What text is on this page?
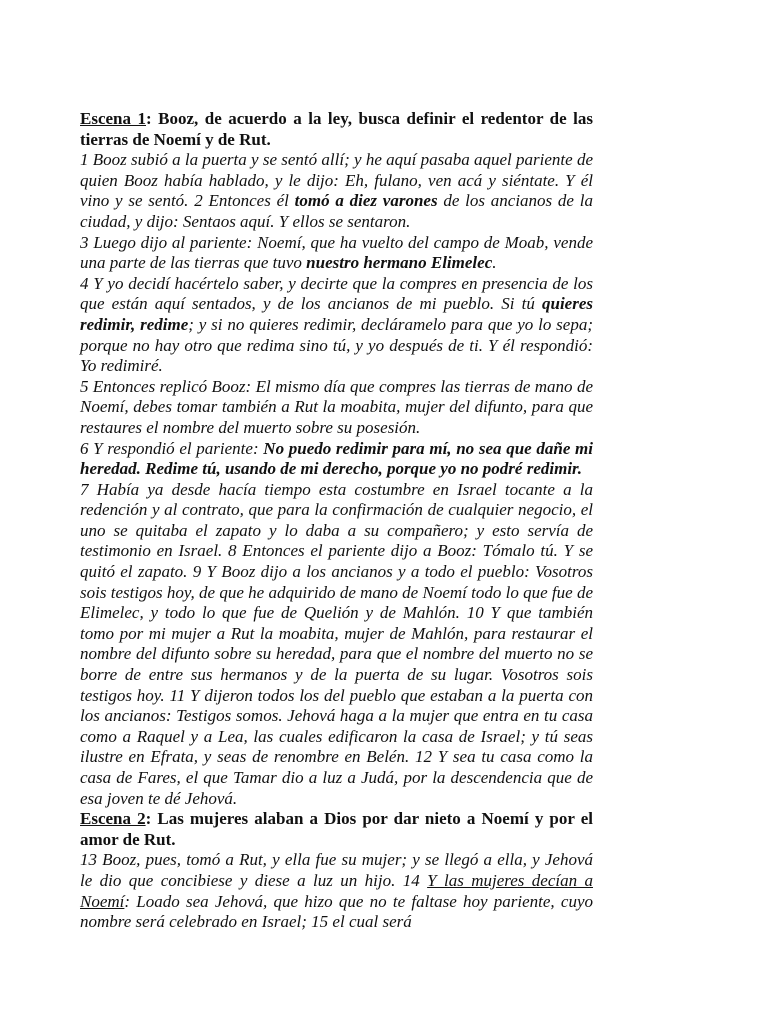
Escena 1: Booz, de acuerdo a la ley, busca definir el redentor de las tierras de Noemí y de Rut.

1 Booz subió a la puerta y se sentó allí; y he aquí pasaba aquel pariente de quien Booz había hablado, y le dijo: Eh, fulano, ven acá y siéntate. Y él vino y se sentó. 2 Entonces él tomó a diez varones de los ancianos de la ciudad, y dijo: Sentaos aquí. Y ellos se sentaron.

3 Luego dijo al pariente: Noemí, que ha vuelto del campo de Moab, vende una parte de las tierras que tuvo nuestro hermano Elimelec.

4 Y yo decidí hacértelo saber, y decirte que la compres en presencia de los que están aquí sentados, y de los ancianos de mi pueblo. Si tú quieres redimir, redime; y si no quieres redimir, decláramelo para que yo lo sepa; porque no hay otro que redima sino tú, y yo después de ti. Y él respondió: Yo redimiré.

5 Entonces replicó Booz: El mismo día que compres las tierras de mano de Noemí, debes tomar también a Rut la moabita, mujer del difunto, para que restaures el nombre del muerto sobre su posesión.

6 Y respondió el pariente: No puedo redimir para mí, no sea que dañe mi heredad. Redime tú, usando de mi derecho, porque yo no podré redimir.

7 Había ya desde hacía tiempo esta costumbre en Israel tocante a la redención y al contrato, que para la confirmación de cualquier negocio, el uno se quitaba el zapato y lo daba a su compañero; y esto servía de testimonio en Israel. 8 Entonces el pariente dijo a Booz: Tómalo tú. Y se quitó el zapato. 9 Y Booz dijo a los ancianos y a todo el pueblo: Vosotros sois testigos hoy, de que he adquirido de mano de Noemí todo lo que fue de Elimelec, y todo lo que fue de Quelión y de Mahlón. 10 Y que también tomo por mi mujer a Rut la moabita, mujer de Mahlón, para restaurar el nombre del difunto sobre su heredad, para que el nombre del muerto no se borre de entre sus hermanos y de la puerta de su lugar. Vosotros sois testigos hoy. 11 Y dijeron todos los del pueblo que estaban a la puerta con los ancianos: Testigos somos. Jehová haga a la mujer que entra en tu casa como a Raquel y a Lea, las cuales edificaron la casa de Israel; y tú seas ilustre en Efrata, y seas de renombre en Belén. 12 Y sea tu casa como la casa de Fares, el que Tamar dio a luz a Judá, por la descendencia que de esa joven te dé Jehová.

Escena 2: Las mujeres alaban a Dios por dar nieto a Noemí y por el amor de Rut.

13 Booz, pues, tomó a Rut, y ella fue su mujer; y se llegó a ella, y Jehová le dio que concibiese y diese a luz un hijo. 14 Y las mujeres decían a Noemí: Loado sea Jehová, que hizo que no te faltase hoy pariente, cuyo nombre será celebrado en Israel; 15 el cual será
